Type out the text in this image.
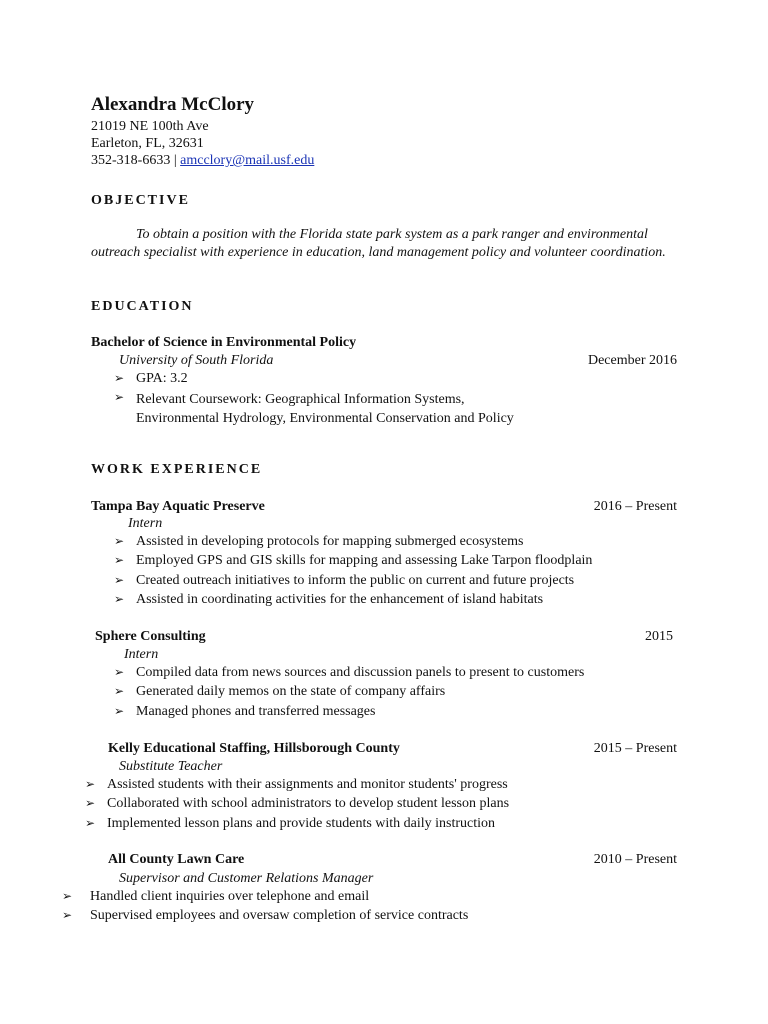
Alexandra McClory
21019 NE 100th Ave
Earleton, FL, 32631
352-318-6633 | amcclory@mail.usf.edu
OBJECTIVE
To obtain a position with the Florida state park system as a park ranger and environmental outreach specialist with experience in education, land management policy and volunteer coordination.
EDUCATION
Bachelor of Science in Environmental Policy
University of South Florida	December 2016
➢ GPA: 3.2
➢ Relevant Coursework: Geographical Information Systems, Environmental Hydrology, Environmental Conservation and Policy
WORK EXPERIENCE
Tampa Bay Aquatic Preserve	2016 – Present
Intern
➢ Assisted in developing protocols for mapping submerged ecosystems
➢ Employed GPS and GIS skills for mapping and assessing Lake Tarpon floodplain
➢ Created outreach initiatives to inform the public on current and future projects
➢ Assisted in coordinating activities for the enhancement of island habitats
Sphere Consulting	2015
Intern
➢ Compiled data from news sources and discussion panels to present to customers
➢ Generated daily memos on the state of company affairs
➢ Managed phones and transferred messages
Kelly Educational Staffing, Hillsborough County	2015 – Present
Substitute Teacher
➢ Assisted students with their assignments and monitor students' progress
➢ Collaborated with school administrators to develop student lesson plans
➢ Implemented lesson plans and provide students with daily instruction
All County Lawn Care	2010 – Present
Supervisor and Customer Relations Manager
➢ Handled client inquiries over telephone and email
➢ Supervised employees and oversaw completion of service contracts
